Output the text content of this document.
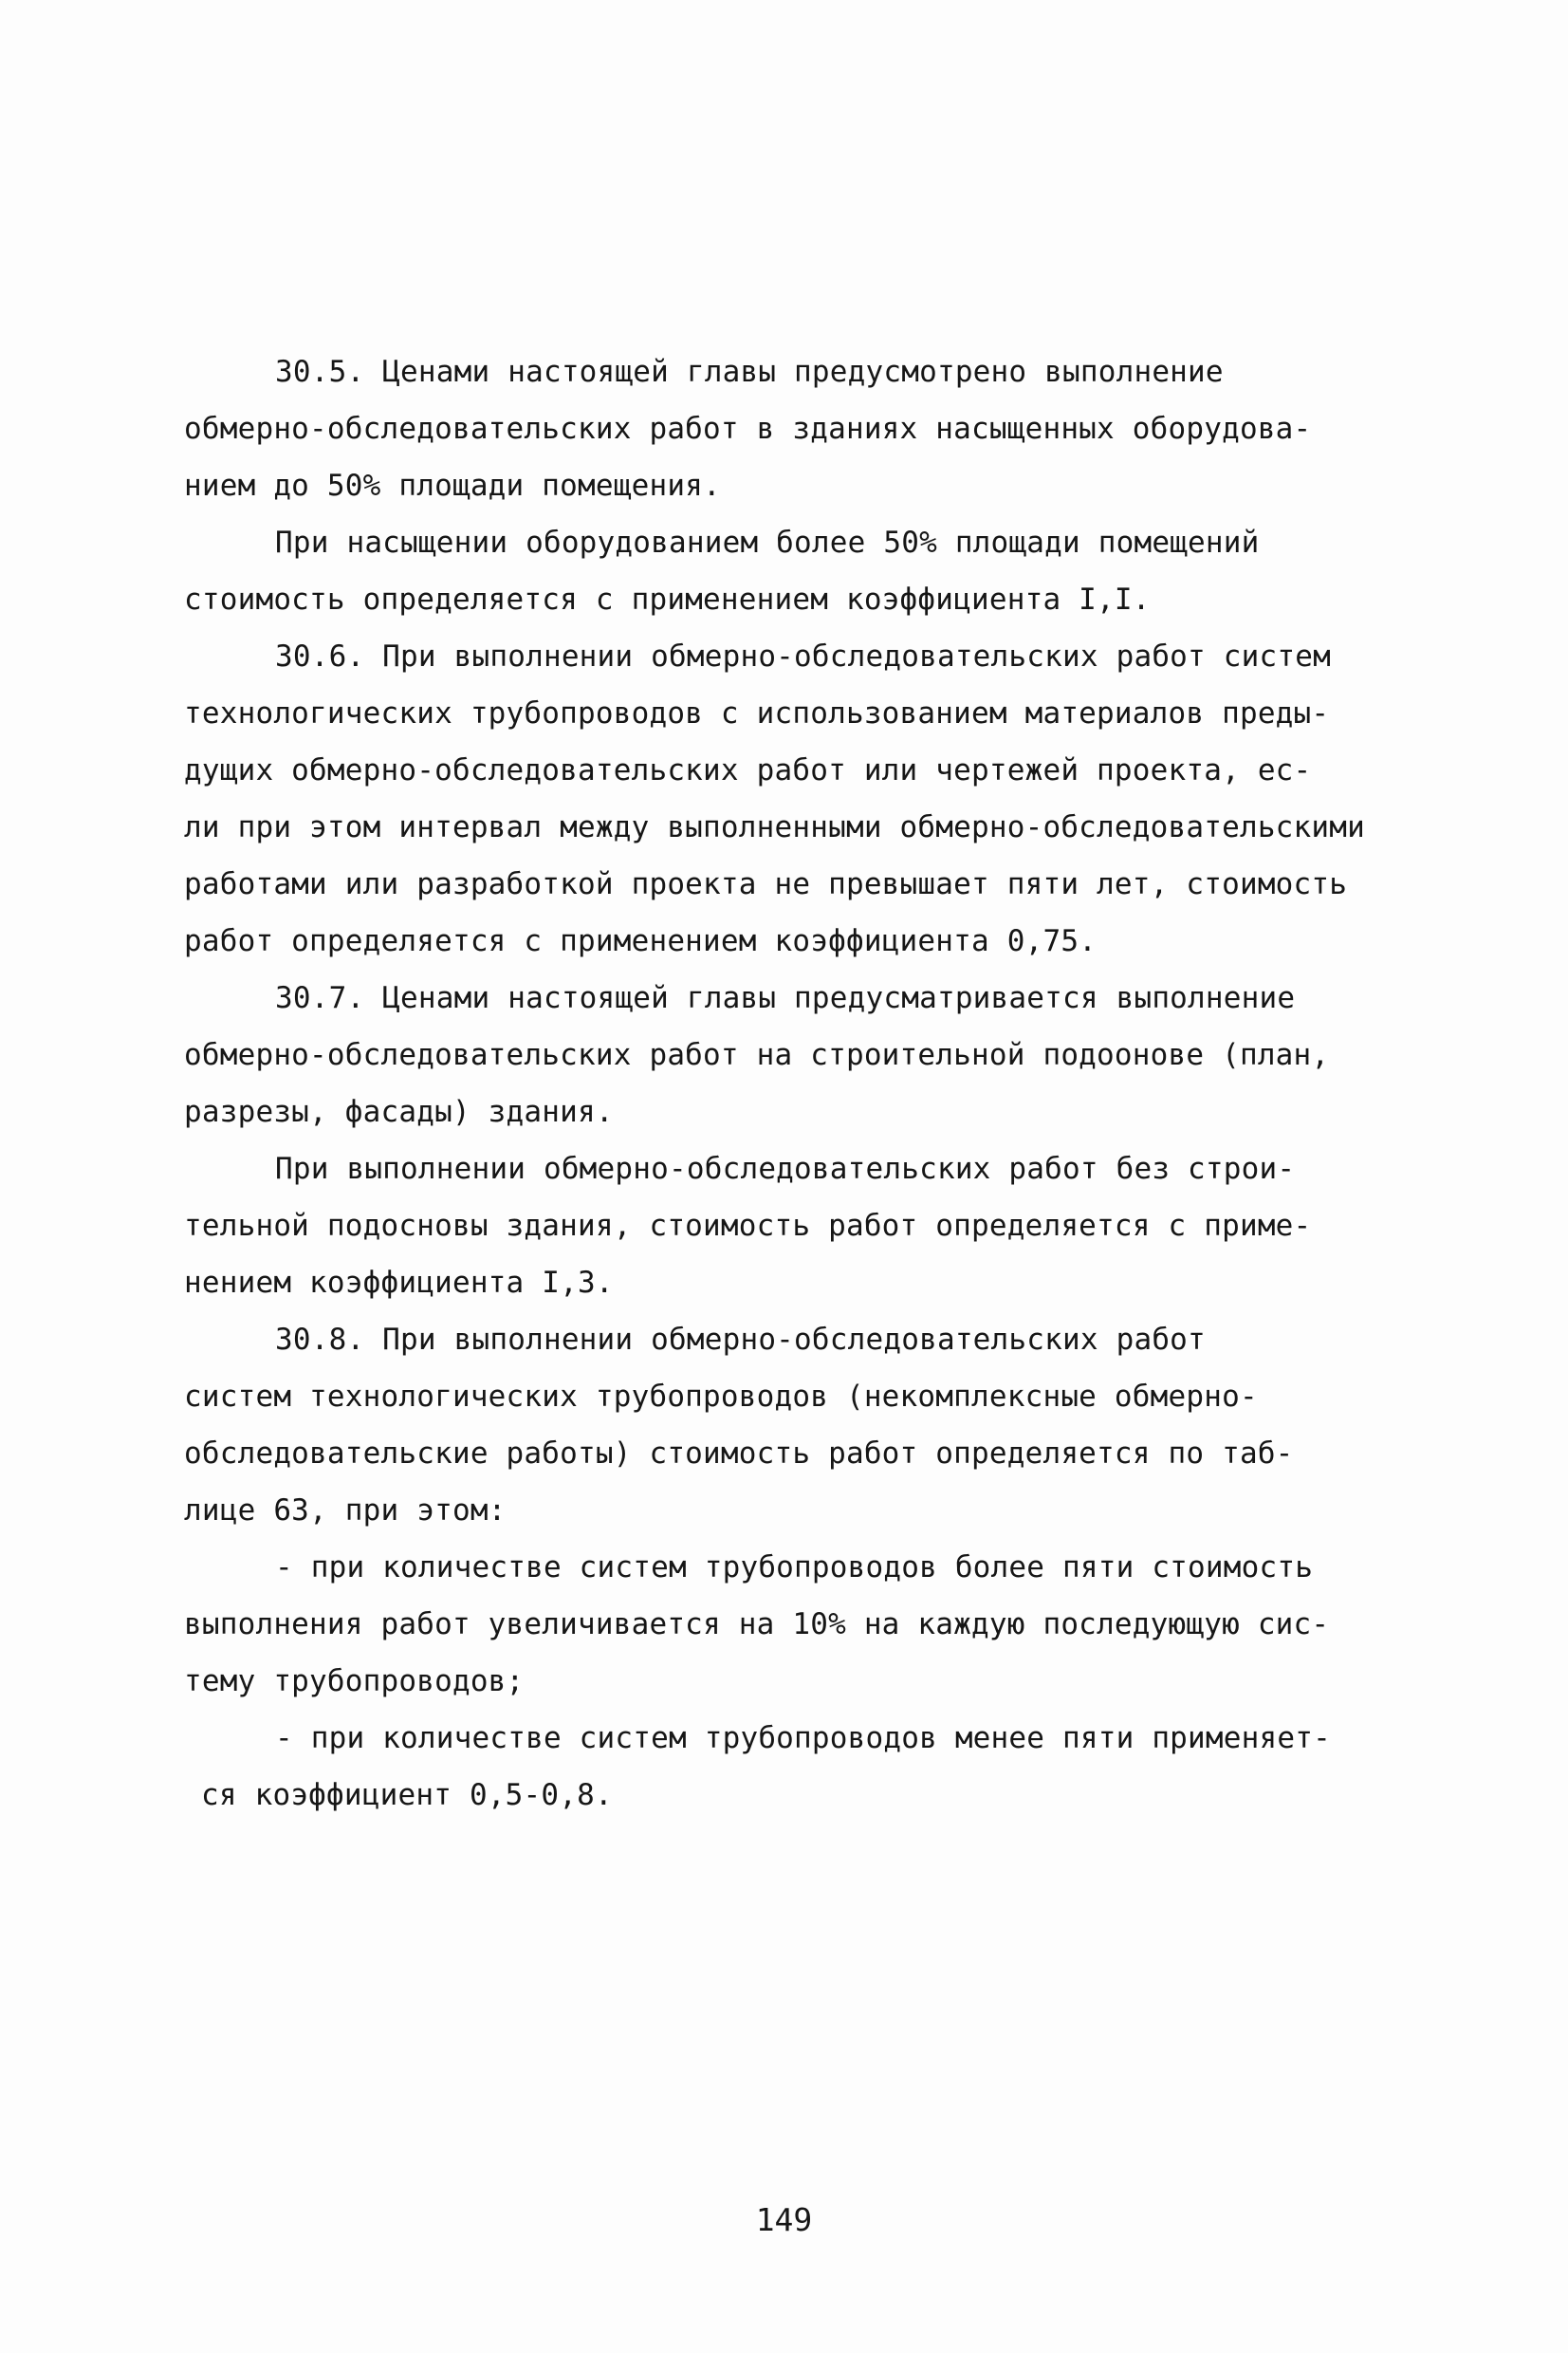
30.5. Ценами настоящей главы предусмотрено выполнение
обмерно-обследовательских работ в зданиях насыщенных оборудова-
нием до 50% площади помещения.
При насыщении оборудованием более 50% площади помещений
стоимость определяется с применением коэффициента I,I.
30.6. При выполнении обмерно-обследовательских работ систем
технологических трубопроводов с использованием материалов преды-
дущих обмерно-обследовательских работ или чертежей проекта, ес-
ли при этом интервал между выполненными обмерно-обследовательскими
работами или разработкой проекта не превышает пяти лет, стоимость
работ определяется с применением коэффициента 0,75.
30.7. Ценами настоящей главы предусматривается выполнение
обмерно-обследовательских работ на строительной подоонове (план,
разрезы, фасады) здания.
При выполнении обмерно-обследовательских работ без строи-
тельной подосновы здания, стоимость работ определяется с приме-
нением коэффициента I,3.
30.8. При выполнении обмерно-обследовательских работ
систем технологических трубопроводов (некомплексные обмерно-
обследовательские работы) стоимость работ определяется по таб-
лице 63, при этом:
- при количестве систем трубопроводов более пяти стоимость
выполнения работ увеличивается на 10% на каждую последующую сис-
тему трубопроводов;
- при количестве систем трубопроводов менее пяти применяет-
ся коэффициент 0,5-0,8.
149
